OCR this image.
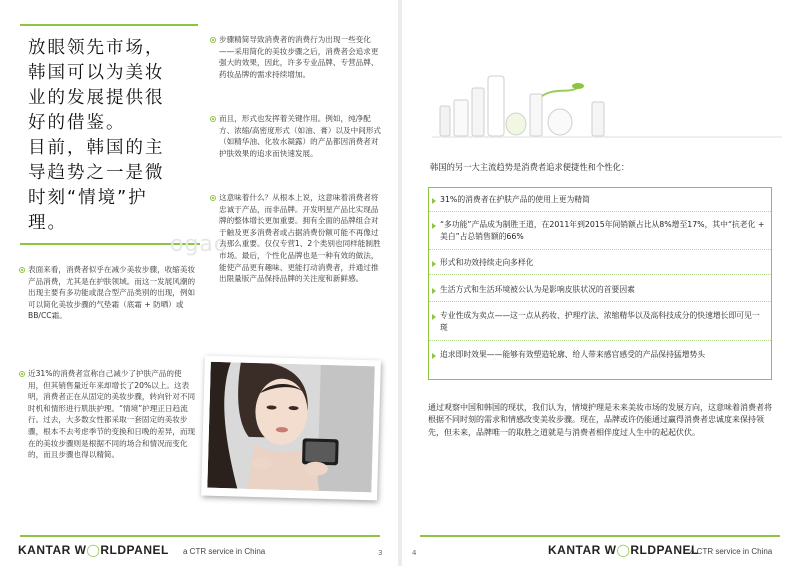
放眼领先市场，
韩国可以为美妆
业的发展提供很
好的借鉴。
目前，韩国的主
导趋势之一是微
时刻“情境”护
理。
ogao
表面来看，消费者似乎在减少美妆步骤，收缩美妆产品消费，尤其是在护肤领域。而这一发展风潮的出现主要有多功能或混合型产品类别的出现，例如可以简化美妆步骤的气垫霜（底霜 + 防晒）或BB/CC霜。
近31%的消费者宣称自己减少了护肤产品的使用，但其销售量近年来却增长了20%以上。这表明，消费者正在从固定的美妆步骤，转向针对不同时机和情形进行肌肤护理。“情境”护理正日趋流行。过去，大多数女性都采取一套固定的美妆步骤，根本不去考虑季节的变换和日晚的差异，而现在的美妆步骤则是根据不同的场合和情况而变化的，而且步骤也得以精简。
步骤精简导致消费者的消费行为出现一些变化——采用简化的美妆步骤之后，消费者会追求更强大的效果，因此，许多专业品牌、专营品牌、药妆品牌的需求持续增加。
而且，形式也发挥着关键作用。例如，纯净配方、浓缩/高密度形式（如油、膏）以及中间形式（如精华油、化妆水凝露）的产品都因消费者对护肤效果的追求而快速发展。
这意味着什么？从根本上说，这意味着消费者将忠诚于产品，而非品牌。开发明星产品比实现品牌的整体增长更加重要。拥有全面的品牌组合对于触及更多消费者或占据消费份额可能不再像过去那么重要。仅仅专营1、2个类别也同样能制胜市场。最后，个性化品牌也是一种有效的做法，能使产品更有趣味、更能打动消费者，并通过推出限量版产品保持品牌的关注度和新鲜感。
KANTAR W◯RLDPANEL a CTR service in China	3
韩国的另一大主流趋势是消费者追求便捷性和个性化：
31%的消费者在护肤产品的使用上更为精简
“多功能”产品成为制胜王道，在2011年到2015年间销额占比从8%增至17%，其中“抗老化 + 美白”占总销售额的66%
形式和功效持续走向多样化
生活方式和生活环境被公认为是影响皮肤状况的首要因素
专业性成为卖点——这一点从药妆、护理疗法、浓缩精华以及高科技成分的快速增长即可见一斑
追求即时效果——能够有效塑造轮廓、给人带来感官感受的产品保持猛增势头
通过观察中国和韩国的现状，我们认为，情境护理是未来美妆市场的发展方向，这意味着消费者将根据不同时刻的需求和情感改变美妆步骤。现在，品牌或许仍能通过赢得消费者忠诚度来保持领先，但未来，品牌唯一的取胜之道就是与消费者相伴度过人生中的起起伏伏。
4	KANTAR W◯RLDPANEL
a CTR service in China
